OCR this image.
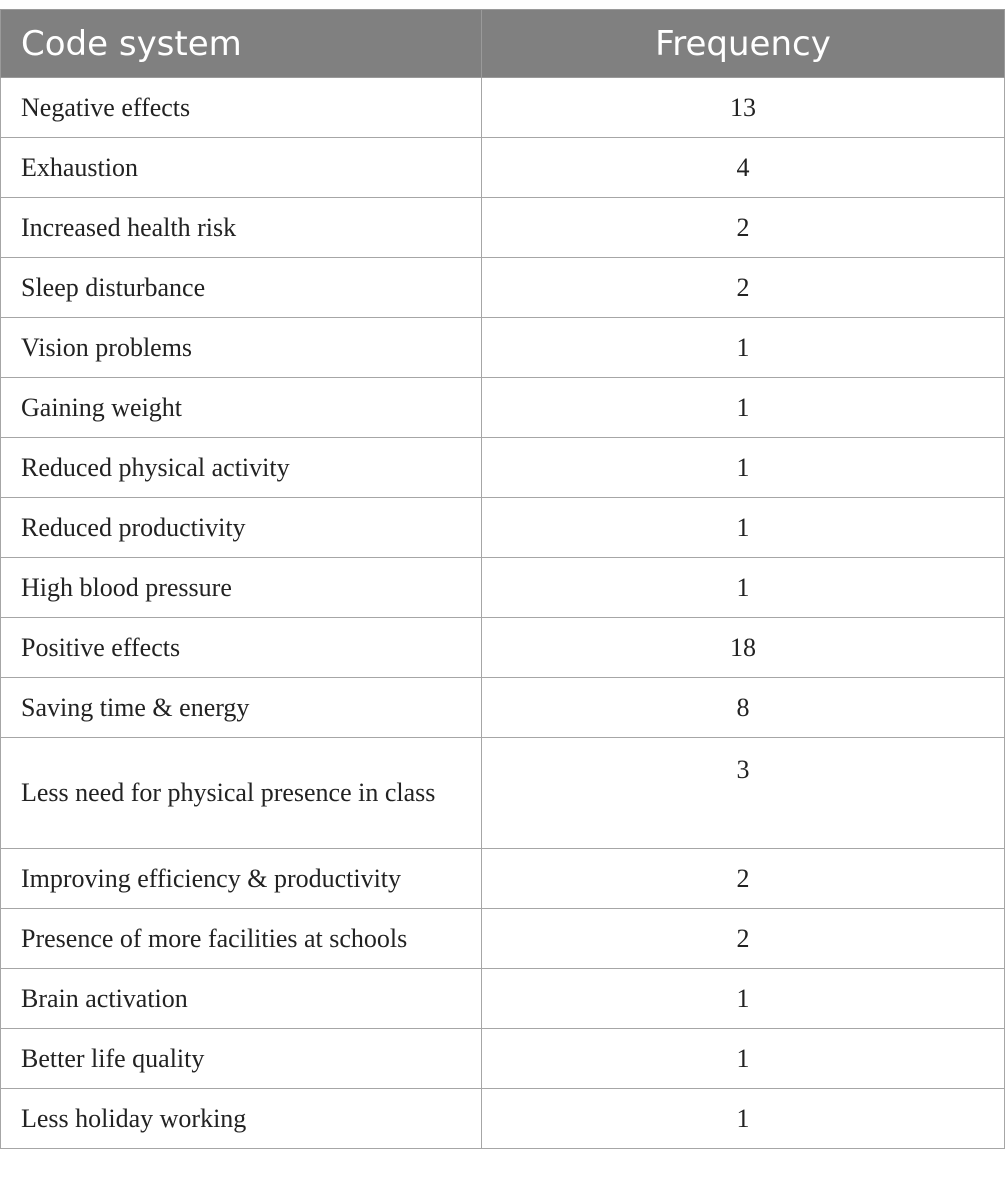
Code system	Frequency
Negative effects	13
Exhaustion	4
Increased health risk	2
Sleep disturbance	2
Vision problems	1
Gaining weight	1
Reduced physical activity	1
Reduced productivity	1
High blood pressure	1
Positive effects	18
Saving time & energy	8
Less need for physical presence in class	3
Improving efficiency & productivity	2
Presence of more facilities at schools	2
Brain activation	1
Better life quality	1
Less holiday working	1
